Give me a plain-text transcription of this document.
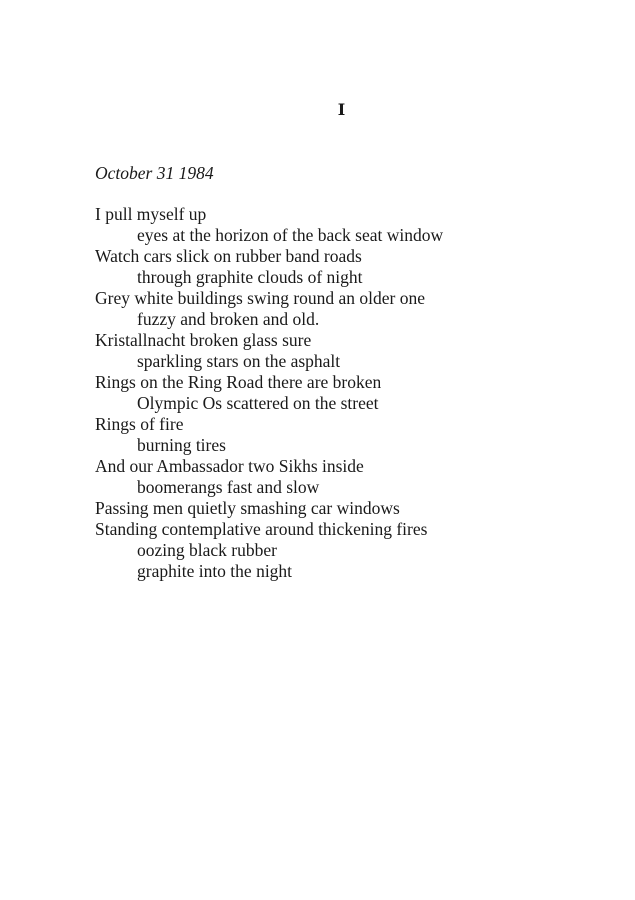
I
October 31 1984
I pull myself up
eyes at the horizon of the back seat window
Watch cars slick on rubber band roads
through graphite clouds of night
Grey white buildings swing round an older one
fuzzy and broken and old.
Kristallnacht broken glass sure
sparkling stars on the asphalt
Rings on the Ring Road there are broken
Olympic Os scattered on the street
Rings of fire
burning tires
And our Ambassador two Sikhs inside
boomerangs fast and slow
Passing men quietly smashing car windows
Standing contemplative around thickening fires
oozing black rubber
graphite into the night
